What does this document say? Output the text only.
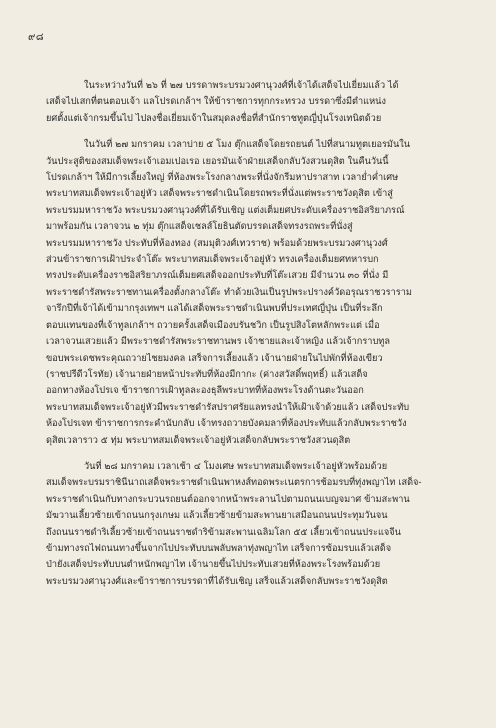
๙๘

ในระหว่างวันที่ ๒๖ ที่ ๒๗ บรรดาพระบรมวงศานุวงศ์ที่เจ้าได้เสด็จไปเยี่ยมแล้ว ได้
เสด็จไปเสกที่ตนตอบเจ้า แลโปรดเกล้าฯ ให้ข้าราชการทุกกระทรวง บรรดาซึ่งมีตำแหน่ง
ยศตั้งแต่เจ้ากรมขึ้นไป ไปลงชื่อเยี่ยมเจ้าในสมุดลงชื่อที่สำนักราชทูตญี่ปุ่นโรงเทนิตด้วย

ในวันที่ ๒๗ มกราคม เวลาบ่าย ๕ โมง ตุ๊กแสด็จโดยรถยนต์ ไปที่สนามทูตเยอรมันใน
วันประสูติของสมเด็จพระเจ้าเอมเปอเรอ เยอรมันเจ้าฝ่ายเสด็จกลับวังสวนดุสิต ในคืนวันนี้
โปรดเกล้าฯ ให้มีการเลี้ยงใหญ่ ที่ห้องพระโรงกลางพระที่นั่งจักรีมหาปราสาท เวลาย่ำค่ำเศษ
พระบาทสมเด็จพระเจ้าอยู่หัว เสด็จพระราชดำเนินโดยรถพระที่นั่งแต่พระราชวังดุสิต เข้าสู่
พระบรมมหาราชวัง พระบรมวงศานุวงศ์ที่ได้รับเชิญ แต่งเต็มยศประดับเครื่องราชอิสริยาภรณ์
มาพร้อมกัน เวลาจวน ๒ ทุ่ม ตุ๊กแสด็จเชลส์โยธินตัดบรรดเสด็จทรงรถพระที่นั่งสู่
พระบรมมหาราชวัง ประทับที่ห้องทอง (สมมุติวงศ์เทวราช) พร้อมด้วยพระบรมวงศานุวงศ์
ส่วนข้าราชการเฝ้าประจำโต๊ะ พระบาทสมเด็จพระเจ้าอยู่หัว ทรงเครื่องเต็มยศทหารบก
ทรงประดับเครื่องราชอิสริยาภรณ์เต็มยศเสด็จออกประทับที่โต๊ะเสวย มีจำนวน ๓๐ ที่นั่ง มี
พระราชดำรัสพระราชทานเครื่องตั้งกลางโต๊ะ ทำด้วยเงินเป็นรูปพระปรางค์วัดอรุณราชวราราม
จารึกปีที่เจ้าได้เข้ามากรุงเทพฯ แลได้เสด็จพระราชดำเนินพบที่ประเทศญี่ปุ่น เป็นที่ระลึก
ตอบแทนของที่เจ้าทูลเกล้าฯ ถวายครั้งเสด็จเมืองบรันชวิก เป็นรูปสิงโตหลักพระแต่ เมื่อ
เวลาจวนเสวยแล้ว มีพระราชดำรัสพระราชทานพร เจ้าชายและเจ้าหญิง แล้วเจ้ากราบทูล
ขอบพระเดชพระคุณถวายไชยมงคล เสร็จการเลี้ยงแล้ว เจ้านายฝ่ายในไปพักที่ห้องเขียว
(ราชปรีดีวโรทัย) เจ้านายฝ่ายหน้าประทับที่ห้องมีกากะ (ค่างสวัสดิ์พฤทธิ์) แล้วเสด็จ
ออกทางห้องโปรเจ ข้าราชการเฝ้าทูลละองธุลีพระบาทที่ห้องพระโรงด้านตะวันออก
พระบาทสมเด็จพระเจ้าอยู่หัวมีพระราชดำรัสปราศรัยแลทรงนำให้เฝ้าเจ้าด้วยแล้ว เสด็จประทับ
ห้องโปรเจท ข้าราชการกระคำนับกลับ เจ้าทรงถวายบังคมลาที่ห้องประทับแล้วกลับพระราชวัง
ดุสิตเวลาราว ๕ ทุ่ม พระบาทสมเด็จพระเจ้าอยู่หัวเสด็จกลับพระราชวังสวนดุสิต

วันที่ ๒๘ มกราคม เวลาเช้า ๔ โมงเศษ พระบาทสมเด็จพระเจ้าอยู่หัวพร้อมด้วย
สมเด็จพระบรมราชินีนาถเสด็จพระราชดำเนินพาหงส์ทอดพระเนตรการช้อมรบที่ทุ่งพญาไท เสด็จ-
พระราชดำเนินกับทางกระบวนรถยนต์ออกจากหน้าพระลานไปตามถนนเบญจมาศ ข้ามสะพาน
มัฆวานเลี้ยวซ้ายเข้าถนนกรุงเกษม แล้วเลี้ยวซ้ายข้ามสะพานยาเสมือนถนนประทุมวันจน
ถึงถนนราชดำริเลี้ยวซ้ายเข้าถนนราชดำริข้ามสะพานเฉลิมโลก ๕๕ เลี้ยวเข้าถนนประแจจีน
ข้ามทางรถไฟถนนทางขึ้นจากไปประทับบนพลับพลาทุ่งพญาไท เสร็จการซ้อมรบแล้วเสด็จ
ป่ายังเสด็จประทับบนตำหนักพญาไท เจ้านายขึ้นไปประทับเสวยที่ห้องพระโรงพร้อมด้วย
พระบรมวงศานุวงศ์และข้าราชการบรรดาที่ได้รับเชิญ เสร็จแล้วเสด็จกลับพระราชวังดุสิต
